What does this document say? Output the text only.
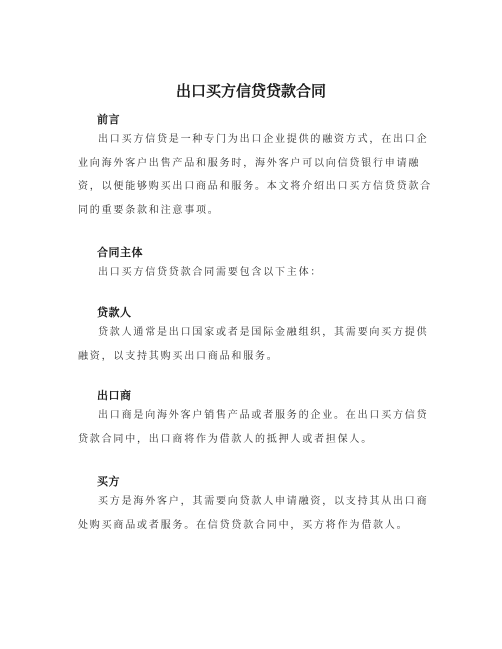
出口买方信贷贷款合同
前言
出口买方信贷是一种专门为出口企业提供的融资方式，在出口企业向海外客户出售产品和服务时，海外客户可以向信贷银行申请融资，以便能够购买出口商品和服务。本文将介绍出口买方信贷贷款合同的重要条款和注意事项。
合同主体
出口买方信贷贷款合同需要包含以下主体：
贷款人
贷款人通常是出口国家或者是国际金融组织，其需要向买方提供融资，以支持其购买出口商品和服务。
出口商
出口商是向海外客户销售产品或者服务的企业。在出口买方信贷贷款合同中，出口商将作为借款人的抵押人或者担保人。
买方
买方是海外客户，其需要向贷款人申请融资，以支持其从出口商处购买商品或者服务。在信贷贷款合同中，买方将作为借款人。
